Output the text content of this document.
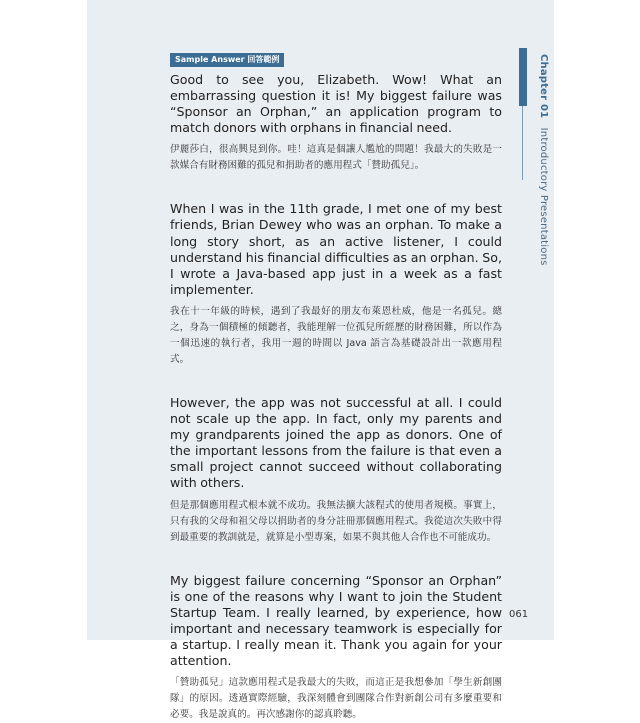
Chapter 01 Introductory Presentations
Sample Answer 回答範例

Good to see you, Elizabeth. Wow! What an embarrassing question it is! My biggest failure was “Sponsor an Orphan,” an application program to match donors with orphans in financial need.

伊麗莎白，很高興見到你。哇！這真是個讓人尷尬的問題！我最大的失敗是一款媒合有財務困難的孤兒和捐助者的應用程式「贊助孤兒」。

When I was in the 11th grade, I met one of my best friends, Brian Dewey who was an orphan. To make a long story short, as an active listener, I could understand his financial difficulties as an orphan. So, I wrote a Java-based app just in a week as a fast implementer.

我在十一年級的時候，遇到了我最好的朋友布萊恩杜威，他是一名孤兒。總之，身為一個積極的傾聽者，我能理解一位孤兒所經歷的財務困難，所以作為一個迅速的執行者，我用一週的時間以 Java 語言為基礎設計出一款應用程式。

However, the app was not successful at all. I could not scale up the app. In fact, only my parents and my grandparents joined the app as donors. One of the important lessons from the failure is that even a small project cannot succeed without collaborating with others.

但是那個應用程式根本就不成功。我無法擴大該程式的使用者規模。事實上，只有我的父母和祖父母以捐助者的身分註冊那個應用程式。我從這次失敗中得到最重要的教訓就是，就算是小型專案，如果不與其他人合作也不可能成功。

My biggest failure concerning “Sponsor an Orphan” is one of the reasons why I want to join the Student Startup Team. I really learned, by experience, how important and necessary teamwork is especially for a startup. I really mean it. Thank you again for your attention.

「贊助孤兒」這款應用程式是我最大的失敗，而這正是我想參加「學生新創團隊」的原因。透過實際經驗，我深刻體會到團隊合作對新創公司有多麼重要和必要。我是說真的。再次感謝你的認真聆聽。

061
